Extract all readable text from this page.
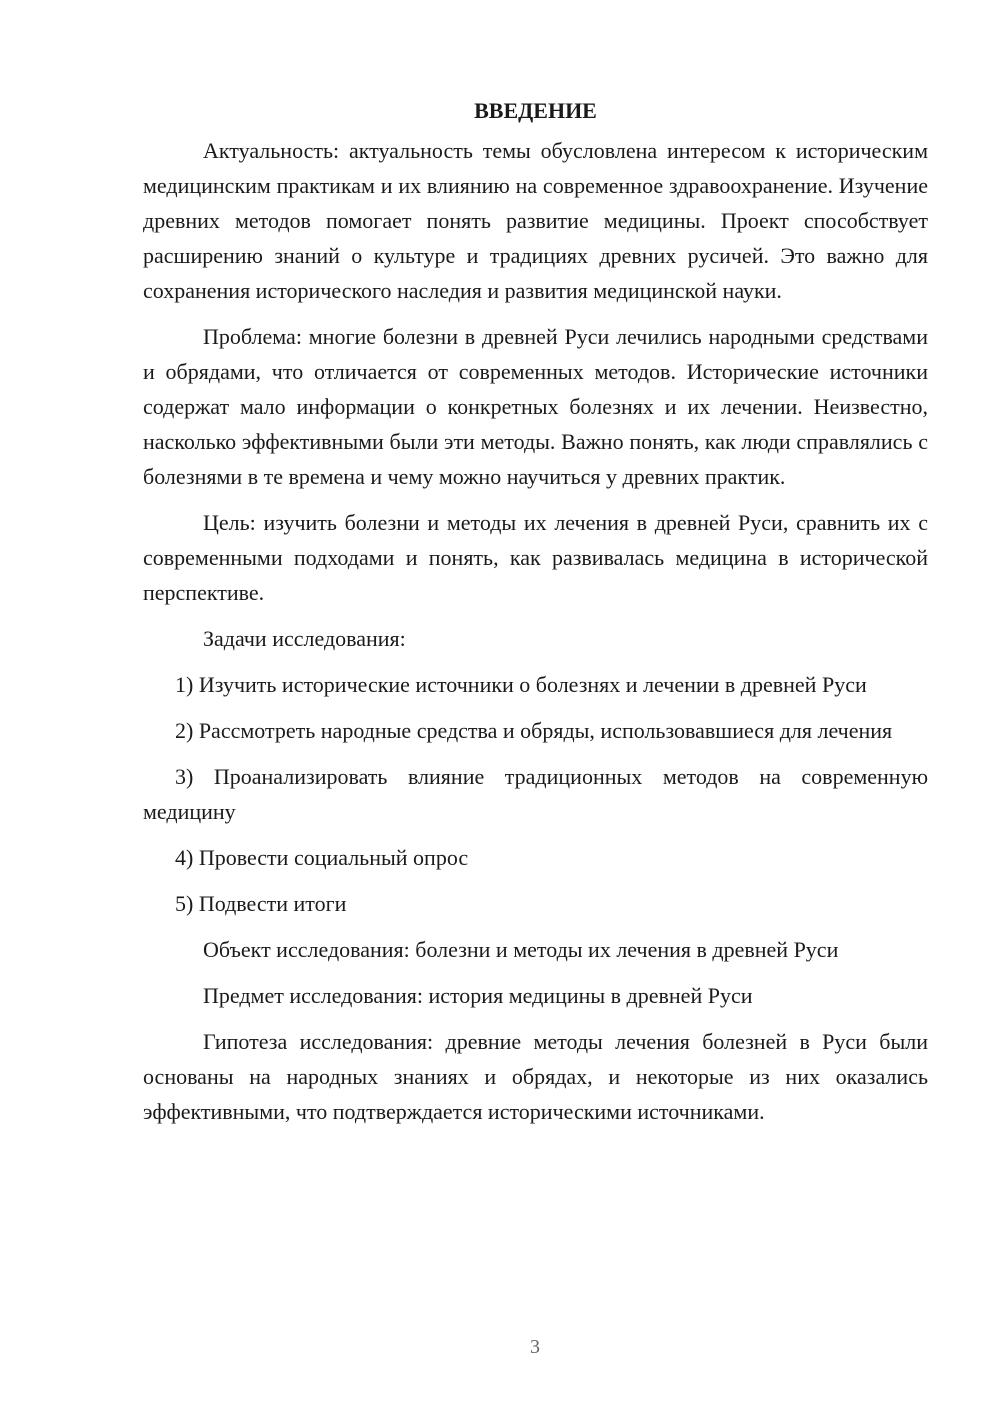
ВВЕДЕНИЕ

Актуальность: актуальность темы обусловлена интересом к историческим медицинским практикам и их влиянию на современное здравоохранение. Изучение древних методов помогает понять развитие медицины. Проект способствует расширению знаний о культуре и традициях древних русичей. Это важно для сохранения исторического наследия и развития медицинской науки.

Проблема: многие болезни в древней Руси лечились народными средствами и обрядами, что отличается от современных методов. Исторические источники содержат мало информации о конкретных болезнях и их лечении. Неизвестно, насколько эффективными были эти методы. Важно понять, как люди справлялись с болезнями в те времена и чему можно научиться у древних практик.

Цель: изучить болезни и методы их лечения в древней Руси, сравнить их с современными подходами и понять, как развивалась медицина в исторической перспективе.

Задачи исследования:

1) Изучить исторические источники о болезнях и лечении в древней Руси

2) Рассмотреть народные средства и обряды, использовавшиеся для лечения

3) Проанализировать влияние традиционных методов на современную медицину

4) Провести социальный опрос

5) Подвести итоги

Объект исследования: болезни и методы их лечения в древней Руси

Предмет исследования: история медицины в древней Руси

Гипотеза исследования: древние методы лечения болезней в Руси были основаны на народных знаниях и обрядах, и некоторые из них оказались эффективными, что подтверждается историческими источниками.

3
